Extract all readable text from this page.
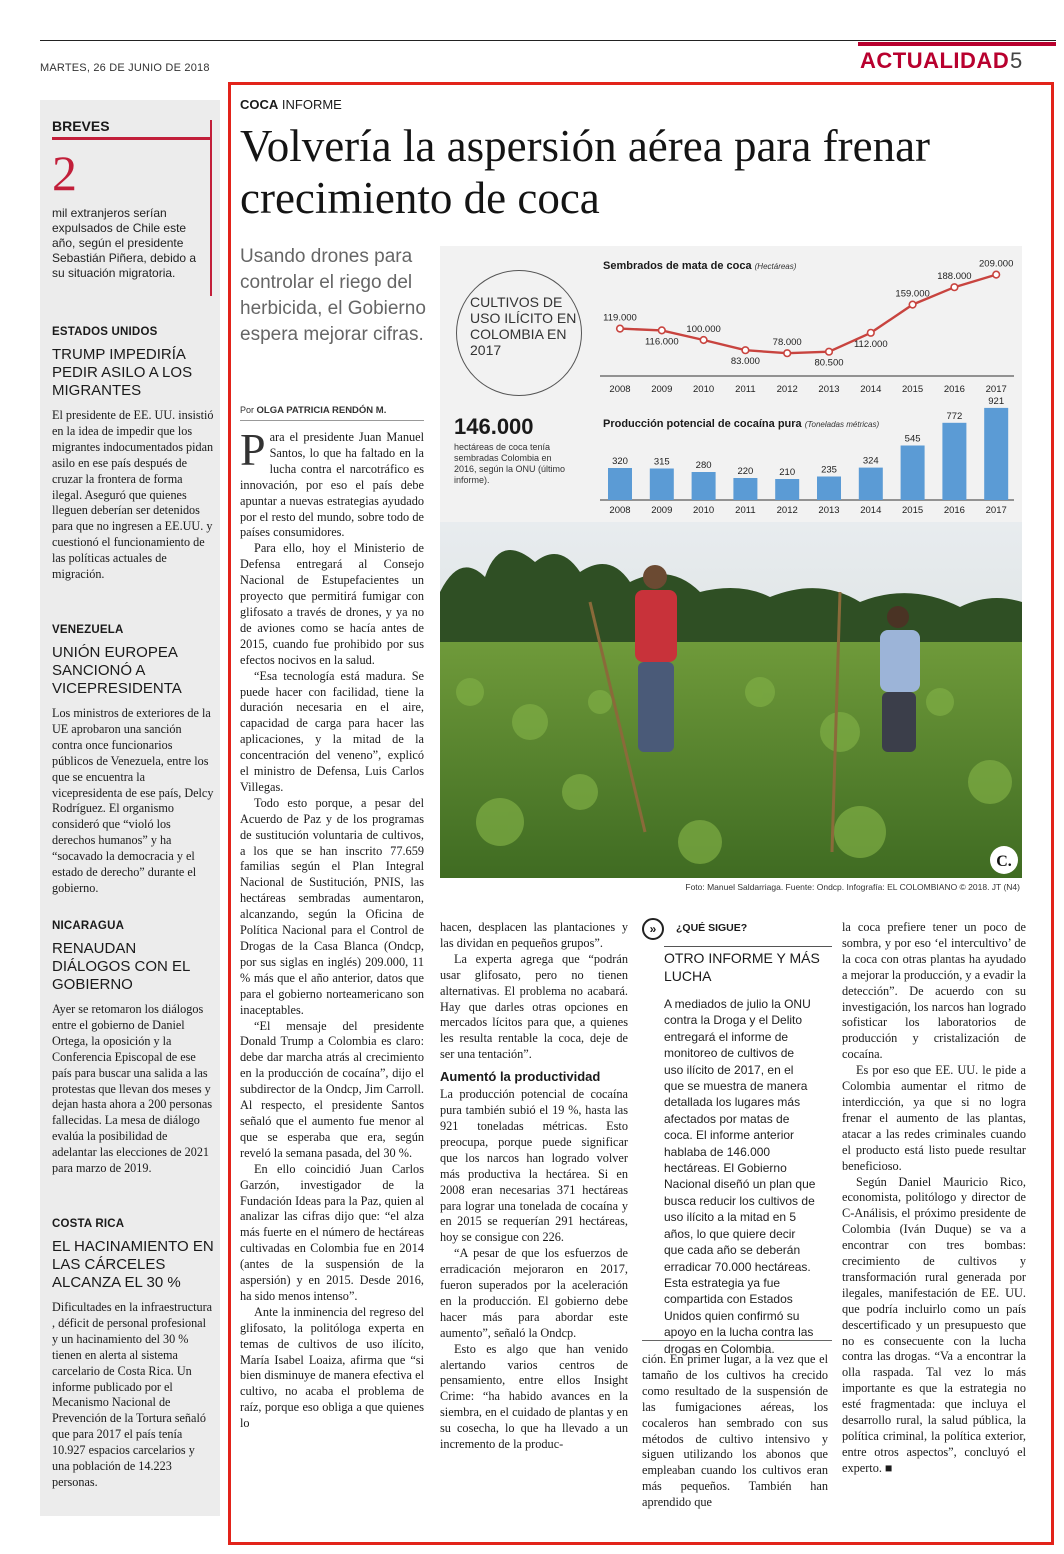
MARTES, 26 DE JUNIO DE 2018	ACTUALIDAD 5
BREVES
2
mil extranjeros serían expulsados de Chile este año, según el presidente Sebastián Piñera, debido a su situación migratoria.
ESTADOS UNIDOS
TRUMP IMPEDIRÍA PEDIR ASILO A LOS MIGRANTES
El presidente de EE. UU. insistió en la idea de impedir que los migrantes indocumentados pidan asilo en ese país después de cruzar la frontera de forma ilegal. Aseguró que quienes lleguen deberían ser detenidos para que no ingresen a EE.UU. y cuestionó el funcionamiento de las políticas actuales de migración.
VENEZUELA
UNIÓN EUROPEA SANCIONÓ A VICEPRESIDENTA
Los ministros de exteriores de la UE aprobaron una sanción contra once funcionarios públicos de Venezuela, entre los que se encuentra la vicepresidenta de ese país, Delcy Rodríguez. El organismo consideró que “violó los derechos humanos” y ha “socavado la democracia y el estado de derecho” durante el gobierno.
NICARAGUA
RENAUDAN DIÁLOGOS CON EL GOBIERNO
Ayer se retomaron los diálogos entre el gobierno de Daniel Ortega, la oposición y la Conferencia Episcopal de ese país para buscar una salida a las protestas que llevan dos meses y dejan hasta ahora a 200 personas fallecidas. La mesa de diálogo evalúa la posibilidad de adelantar las elecciones de 2021 para marzo de 2019.
COSTA RICA
EL HACINAMIENTO EN LAS CÁRCELES ALCANZA EL 30 %
Dificultades en la infraestructura , déficit de personal profesional y un hacinamiento del 30 % tienen en alerta al sistema carcelario de Costa Rica. Un informe publicado por el Mecanismo Nacional de Prevención de la Tortura señaló que para 2017 el país tenía 10.927 espacios carcelarios y una población de 14.223 personas.
COCA INFORME
Volvería la aspersión aérea para frenar crecimiento de coca
Usando drones para controlar el riego del herbicida, el Gobierno espera mejorar cifras.
Por OLGA PATRICIA RENDÓN M.

Para el presidente Juan Manuel Santos, lo que ha faltado en la lucha contra el narcotráfico es innovación, por eso el país debe apuntar a nuevas estrategias ayudado por el resto del mundo, sobre todo de países consumidores.

Para ello, hoy el Ministerio de Defensa entregará al Consejo Nacional de Estupefacientes un proyecto que permitirá fumigar con glifosato a través de drones, y ya no de aviones como se hacía antes de 2015, cuando fue prohibido por sus efectos nocivos en la salud.

“Esa tecnología está madura. Se puede hacer con facilidad, tiene la duración necesaria en el aire, capacidad de carga para hacer las aplicaciones, y la mitad de la concentración del veneno”, explicó el ministro de Defensa, Luis Carlos Villegas.

Todo esto porque, a pesar del Acuerdo de Paz y de los programas de sustitución voluntaria de cultivos, a los que se han inscrito 77.659 familias según el Plan Integral Nacional de Sustitución, PNIS, las hectáreas sembradas aumentaron, alcanzando, según la Oficina de Política Nacional para el Control de Drogas de la Casa Blanca (Ondcp, por sus siglas en inglés) 209.000, 11 % más que el año anterior, datos que para el gobierno norteamericano son inaceptables.

“El mensaje del presidente Donald Trump a Colombia es claro: debe dar marcha atrás al crecimiento en la producción de cocaína”, dijo el subdirector de la Ondcp, Jim Carroll. Al respecto, el presidente Santos señaló que el aumento fue menor al que se esperaba que era, según reveló la semana pasada, del 30 %.

En ello coincidió Juan Carlos Garzón, investigador de la Fundación Ideas para la Paz, quien al analizar las cifras dijo que: “el alza más fuerte en el número de hectáreas cultivadas en Colombia fue en 2014 (antes de la suspensión de la aspersión) y en 2015. Desde 2016, ha sido menos intenso”.

Ante la inminencia del regreso del glifosato, la politóloga experta en temas de cultivos de uso ilícito, María Isabel Loaiza, afirma que “si bien disminuye de manera efectiva el cultivo, no acaba el problema de raíz, porque eso obliga a que quienes lo

hacen, desplacen las plantaciones y las dividan en pequeños grupos”.

La experta agrega que “podrán usar glifosato, pero no tienen alternativas. El problema no acabará. Hay que darles otras opciones en mercados lícitos para que, a quienes les resulta rentable la coca, deje de ser una tentación”.

Aumentó la productividad

La producción potencial de cocaína pura también subió el 19 %, hasta las 921 toneladas métricas. Esto preocupa, porque puede significar que los narcos han logrado volver más productiva la hectárea. Si en 2008 eran necesarias 371 hectáreas para lograr una tonelada de cocaína y en 2015 se requerían 291 hectáreas, hoy se consigue con 226.

“A pesar de que los esfuerzos de erradicación mejoraron en 2017, fueron superados por la aceleración en la producción. El gobierno debe hacer más para abordar este aumento”, señaló la Ondcp.

Esto es algo que han venido alertando varios centros de pensamiento, entre ellos Insight Crime: “ha habido avances en la siembra, en el cuidado de plantas y en su cosecha, lo que ha llevado a un incremento de la produc-

ción. En primer lugar, a la vez que el tamaño de los cultivos ha crecido como resultado de la suspensión de las fumigaciones aéreas, los cocaleros han sembrado con sus métodos de cultivo intensivo y siguen utilizando los abonos que empleaban cuando los cultivos eran más pequeños. También han aprendido que

la coca prefiere tener un poco de sombra, y por eso ‘el intercultivo’ de la coca con otras plantas ha ayudado a mejorar la producción, y a evadir la detección”. De acuerdo con su investigación, los narcos han logrado sofisticar los laboratorios de producción y cristalización de cocaína.

Es por eso que EE. UU. le pide a Colombia aumentar el ritmo de interdicción, ya que si no logra frenar el aumento de las plantas, atacar a las redes criminales cuando el producto está listo puede resultar beneficioso.

Según Daniel Mauricio Rico, economista, politólogo y director de C-Análisis, el próximo presidente de Colombia (Iván Duque) se va a encontrar con tres bombas: crecimiento de cultivos y transformación rural generada por ilegales, manifestación de EE. UU. que podría incluirlo como un país descertificado y un presupuesto que no es consecuente con la lucha contra las drogas. “Va a encontrar la olla raspada. Tal vez lo más importante es que la estrategia no esté fragmentada: que incluya el desarrollo rural, la salud pública, la política criminal, la política exterior, entre otros aspectos”, concluyó el experto. ■

»	¿QUÉ SIGUE?
OTRO INFORME Y MÁS LUCHA
A mediados de julio la ONU contra la Droga y el Delito entregará el informe de monitoreo de cultivos de uso ilícito de 2017, en el que se muestra de manera detallada los lugares más afectados por matas de coca. El informe anterior hablaba de 146.000 hectáreas. El Gobierno Nacional diseñó un plan que busca reducir los cultivos de uso ilícito a la mitad en 5 años, lo que quiere decir que cada año se deberán erradicar 70.000 hectáreas. Esta estrategia ya fue compartida con Estados Unidos quien confirmó su apoyo en la lucha contra las drogas en Colombia.
CULTIVOS DE USO ILÍCITO EN COLOMBIA EN 2017
146.000
hectáreas de coca tenía sembradas Colombia en 2016, según la ONU (último informe).
Sembrados de mata de coca (Hectáreas)
Producción potencial de cocaína pura (Toneladas métricas)
119.000
2008
116.000
2009
100.000
2010
83.000
2011
78.000
2012
80.500
2013
112.000
2014
159.000
2015
188.000
2016
209.000
2017
320
2008
315
2009
280
2010
220
2011
210
2012
235
2013
324
2014
545
2015
772
2016
921
2017
C.
Foto: Manuel Saldarriaga. Fuente: Ondcp. Infografía: EL COLOMBIANO © 2018. JT (N4)
